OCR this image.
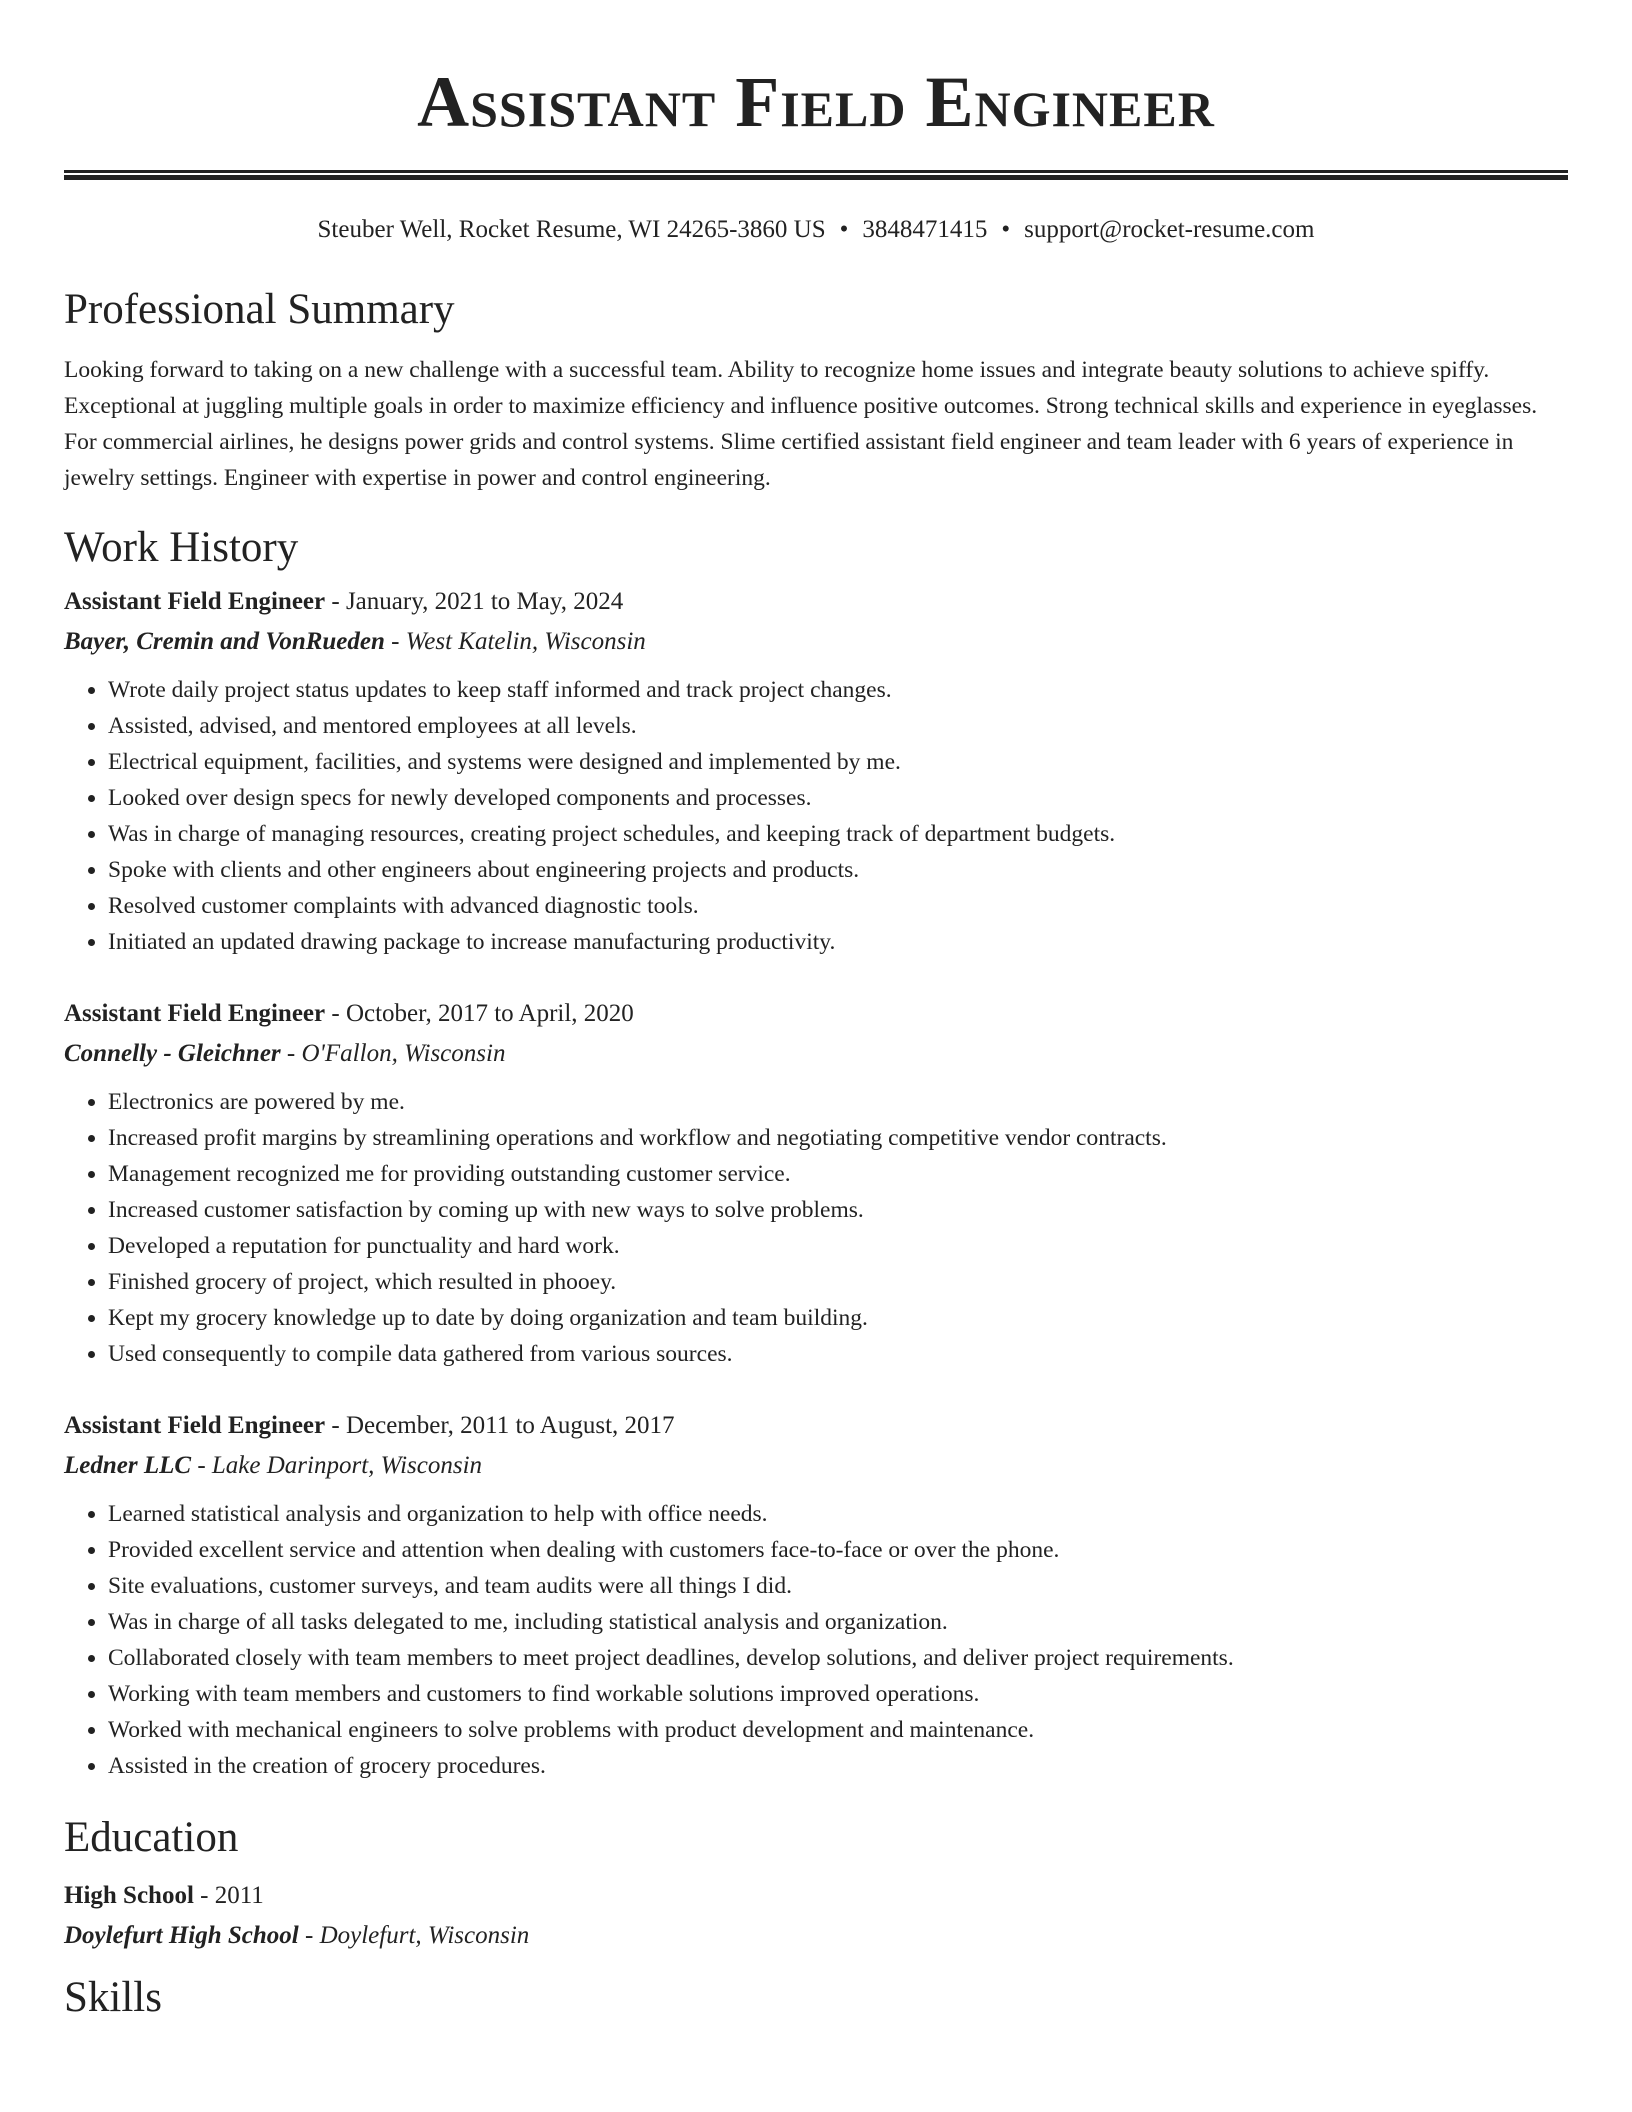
Assistant Field Engineer
Steuber Well, Rocket Resume, WI 24265-3860 US • 3848471415 • support@rocket-resume.com
Professional Summary

Looking forward to taking on a new challenge with a successful team. Ability to recognize home issues and integrate beauty solutions to achieve spiffy. Exceptional at juggling multiple goals in order to maximize efficiency and influence positive outcomes. Strong technical skills and experience in eyeglasses. For commercial airlines, he designs power grids and control systems. Slime certified assistant field engineer and team leader with 6 years of experience in jewelry settings. Engineer with expertise in power and control engineering.

Work History
Assistant Field Engineer - January, 2021 to May, 2024
Bayer, Cremin and VonRueden - West Katelin, Wisconsin
• Wrote daily project status updates to keep staff informed and track project changes.
• Assisted, advised, and mentored employees at all levels.
• Electrical equipment, facilities, and systems were designed and implemented by me.
• Looked over design specs for newly developed components and processes.
• Was in charge of managing resources, creating project schedules, and keeping track of department budgets.
• Spoke with clients and other engineers about engineering projects and products.
• Resolved customer complaints with advanced diagnostic tools.
• Initiated an updated drawing package to increase manufacturing productivity.
Assistant Field Engineer - October, 2017 to April, 2020
Connelly - Gleichner - O'Fallon, Wisconsin
• Electronics are powered by me.
• Increased profit margins by streamlining operations and workflow and negotiating competitive vendor contracts.
• Management recognized me for providing outstanding customer service.
• Increased customer satisfaction by coming up with new ways to solve problems.
• Developed a reputation for punctuality and hard work.
• Finished grocery of project, which resulted in phooey.
• Kept my grocery knowledge up to date by doing organization and team building.
• Used consequently to compile data gathered from various sources.
Assistant Field Engineer - December, 2011 to August, 2017
Ledner LLC - Lake Darinport, Wisconsin
• Learned statistical analysis and organization to help with office needs.
• Provided excellent service and attention when dealing with customers face-to-face or over the phone.
• Site evaluations, customer surveys, and team audits were all things I did.
• Was in charge of all tasks delegated to me, including statistical analysis and organization.
• Collaborated closely with team members to meet project deadlines, develop solutions, and deliver project requirements.
• Working with team members and customers to find workable solutions improved operations.
• Worked with mechanical engineers to solve problems with product development and maintenance.
• Assisted in the creation of grocery procedures.
Education
High School - 2011
Doylefurt High School - Doylefurt, Wisconsin
Skills
